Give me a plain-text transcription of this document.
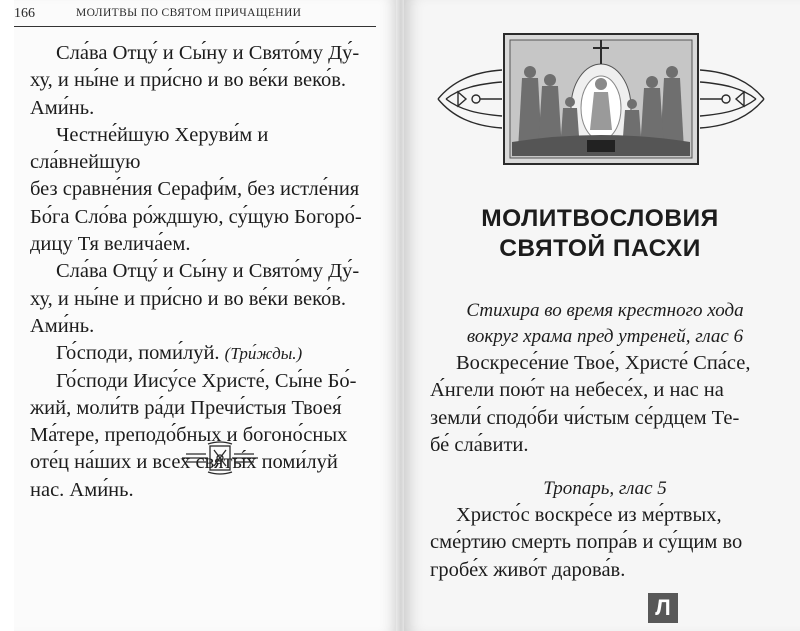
166	МОЛИТВЫ ПО СВЯТОМ ПРИЧАЩЕНИИ

Сла́ва Отцу́ и Сы́ну и Свято́му Ду́-
ху, и ны́не и при́сно и во ве́ки веко́в.
Ами́нь.

Честне́йшую Херуви́м и сла́внейшую
без сравне́ния Серафи́м, без истле́ния
Бо́га Сло́ва ро́ждшую, су́щую Богоро́-
дицу Тя велича́ем.

Сла́ва Отцу́ и Сы́ну и Свято́му Ду́-
ху, и ны́не и при́сно и во ве́ки веко́в.
Ами́нь.

Го́споди, поми́луй. (Три́жды.)

Го́споди Иису́се Христе́, Сы́не Бо́-
жий, моли́тв ра́ди Пречи́стыя Твоея́
Ма́тере, преподо́бных и богоно́сных
оте́ц на́ших и всех святы́х поми́луй
нас. Ами́нь.

МОЛИТВОСЛОВИЯ
СВЯТОЙ ПАСХИ

Стихира во время крестного хода
вокруг храма пред утреней, глас 6

Воскресе́ние Твое́, Христе́ Спа́се,
А́нгели пою́т на небесе́х, и нас на
земли́ сподо́би чи́стым се́рдцем Те-
бе́ сла́вити.

Тропарь, глас 5

Христо́с воскре́се из ме́ртвых,
сме́ртию смерть попра́в и су́щим во
гробе́х живо́т дарова́в.

Л
